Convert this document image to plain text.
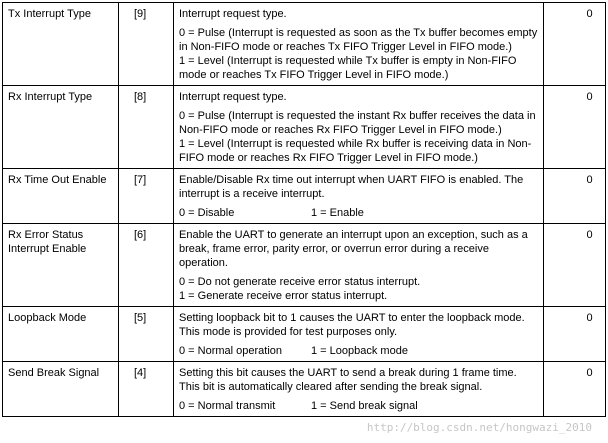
Tx Interrupt Type	[9]	Interrupt request type.

0 = Pulse (Interrupt is requested as soon as the Tx buffer becomes empty in Non-FIFO mode or reaches Tx FIFO Trigger Level in FIFO mode.)

1 = Level (Interrupt is requested while Tx buffer is empty in Non-FIFO mode or reaches Tx FIFO Trigger Level in FIFO mode.)	0
Rx Interrupt Type	[8]	Interrupt request type.

0 = Pulse (Interrupt is requested the instant Rx buffer receives the data in Non-FIFO mode or reaches Rx FIFO Trigger Level in FIFO mode.)

1 = Level (Interrupt is requested while Rx buffer is receiving data in Non-FIFO mode or reaches Rx FIFO Trigger Level in FIFO mode.)	0
Rx Time Out Enable	[7]	Enable/Disable Rx time out interrupt when UART FIFO is enabled. The interrupt is a receive interrupt.

0 = Disable 1 = Enable	0
Rx Error Status Interrupt Enable	[6]	Enable the UART to generate an interrupt upon an exception, such as a break, frame error, parity error, or overrun error during a receive operation.

0 = Do not generate receive error status interrupt.

1 = Generate receive error status interrupt.	0
Loopback Mode	[5]	Setting loopback bit to 1 causes the UART to enter the loopback mode. This mode is provided for test purposes only.

0 = Normal operation 1 = Loopback mode	0
Send Break Signal	[4]	Setting this bit causes the UART to send a break during 1 frame time. This bit is automatically cleared after sending the break signal.

0 = Normal transmit 1 = Send break signal	0
http://blog.csdn.net/hongwazi_2010
